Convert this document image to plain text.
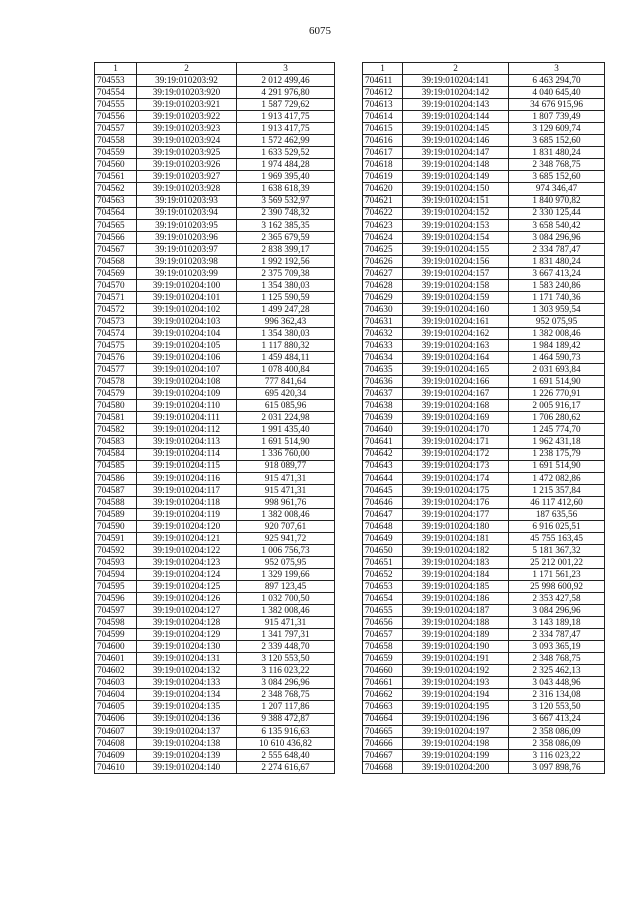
6075
1	2	3
704553	39:19:010203:92	2 012 499,46
704554	39:19:010203:920	4 291 976,80
704555	39:19:010203:921	1 587 729,62
704556	39:19:010203:922	1 913 417,75
704557	39:19:010203:923	1 913 417,75
704558	39:19:010203:924	1 572 462,99
704559	39:19:010203:925	1 633 529,52
704560	39:19:010203:926	1 974 484,28
704561	39:19:010203:927	1 969 395,40
704562	39:19:010203:928	1 638 618,39
704563	39:19:010203:93	3 569 532,97
704564	39:19:010203:94	2 390 748,32
704565	39:19:010203:95	3 162 385,35
704566	39:19:010203:96	2 365 679,59
704567	39:19:010203:97	2 838 399,17
704568	39:19:010203:98	1 992 192,56
704569	39:19:010203:99	2 375 709,38
704570	39:19:010204:100	1 354 380,03
704571	39:19:010204:101	1 125 590,59
704572	39:19:010204:102	1 499 247,28
704573	39:19:010204:103	996 362,43
704574	39:19:010204:104	1 354 380,03
704575	39:19:010204:105	1 117 880,32
704576	39:19:010204:106	1 459 484,11
704577	39:19:010204:107	1 078 400,84
704578	39:19:010204:108	777 841,64
704579	39:19:010204:109	695 420,34
704580	39:19:010204:110	615 085,96
704581	39:19:010204:111	2 031 224,98
704582	39:19:010204:112	1 991 435,40
704583	39:19:010204:113	1 691 514,90
704584	39:19:010204:114	1 336 760,00
704585	39:19:010204:115	918 089,77
704586	39:19:010204:116	915 471,31
704587	39:19:010204:117	915 471,31
704588	39:19:010204:118	998 961,76
704589	39:19:010204:119	1 382 008,46
704590	39:19:010204:120	920 707,61
704591	39:19:010204:121	925 941,72
704592	39:19:010204:122	1 006 756,73
704593	39:19:010204:123	952 075,95
704594	39:19:010204:124	1 329 199,66
704595	39:19:010204:125	897 123,45
704596	39:19:010204:126	1 032 700,50
704597	39:19:010204:127	1 382 008,46
704598	39:19:010204:128	915 471,31
704599	39:19:010204:129	1 341 797,31
704600	39:19:010204:130	2 339 448,70
704601	39:19:010204:131	3 120 553,50
704602	39:19:010204:132	3 116 023,22
704603	39:19:010204:133	3 084 296,96
704604	39:19:010204:134	2 348 768,75
704605	39:19:010204:135	1 207 117,86
704606	39:19:010204:136	9 388 472,87
704607	39:19:010204:137	6 135 916,63
704608	39:19:010204:138	10 610 436,82
704609	39:19:010204:139	2 555 648,40
704610	39:19:010204:140	2 274 616,67
1	2	3
704611	39:19:010204:141	6 463 294,70
704612	39:19:010204:142	4 040 645,40
704613	39:19:010204:143	34 676 915,96
704614	39:19:010204:144	1 807 739,49
704615	39:19:010204:145	3 129 609,74
704616	39:19:010204:146	3 685 152,60
704617	39:19:010204:147	1 831 480,24
704618	39:19:010204:148	2 348 768,75
704619	39:19:010204:149	3 685 152,60
704620	39:19:010204:150	974 346,47
704621	39:19:010204:151	1 840 970,82
704622	39:19:010204:152	2 330 125,44
704623	39:19:010204:153	3 658 540,42
704624	39:19:010204:154	3 084 296,96
704625	39:19:010204:155	2 334 787,47
704626	39:19:010204:156	1 831 480,24
704627	39:19:010204:157	3 667 413,24
704628	39:19:010204:158	1 583 240,86
704629	39:19:010204:159	1 171 740,36
704630	39:19:010204:160	1 303 959,54
704631	39:19:010204:161	952 075,95
704632	39:19:010204:162	1 382 008,46
704633	39:19:010204:163	1 984 189,42
704634	39:19:010204:164	1 464 590,73
704635	39:19:010204:165	2 031 693,84
704636	39:19:010204:166	1 691 514,90
704637	39:19:010204:167	1 226 770,91
704638	39:19:010204:168	2 005 916,17
704639	39:19:010204:169	1 706 280,62
704640	39:19:010204:170	1 245 774,70
704641	39:19:010204:171	1 962 431,18
704642	39:19:010204:172	1 238 175,79
704643	39:19:010204:173	1 691 514,90
704644	39:19:010204:174	1 472 082,86
704645	39:19:010204:175	1 215 357,84
704646	39:19:010204:176	46 117 412,60
704647	39:19:010204:177	187 635,56
704648	39:19:010204:180	6 916 025,51
704649	39:19:010204:181	45 755 163,45
704650	39:19:010204:182	5 181 367,32
704651	39:19:010204:183	25 212 001,22
704652	39:19:010204:184	1 171 561,23
704653	39:19:010204:185	25 998 600,92
704654	39:19:010204:186	2 353 427,58
704655	39:19:010204:187	3 084 296,96
704656	39:19:010204:188	3 143 189,18
704657	39:19:010204:189	2 334 787,47
704658	39:19:010204:190	3 093 365,19
704659	39:19:010204:191	2 348 768,75
704660	39:19:010204:192	2 325 462,13
704661	39:19:010204:193	3 043 448,96
704662	39:19:010204:194	2 316 134,08
704663	39:19:010204:195	3 120 553,50
704664	39:19:010204:196	3 667 413,24
704665	39:19:010204:197	2 358 086,09
704666	39:19:010204:198	2 358 086,09
704667	39:19:010204:199	3 116 023,22
704668	39:19:010204:200	3 097 898,76
